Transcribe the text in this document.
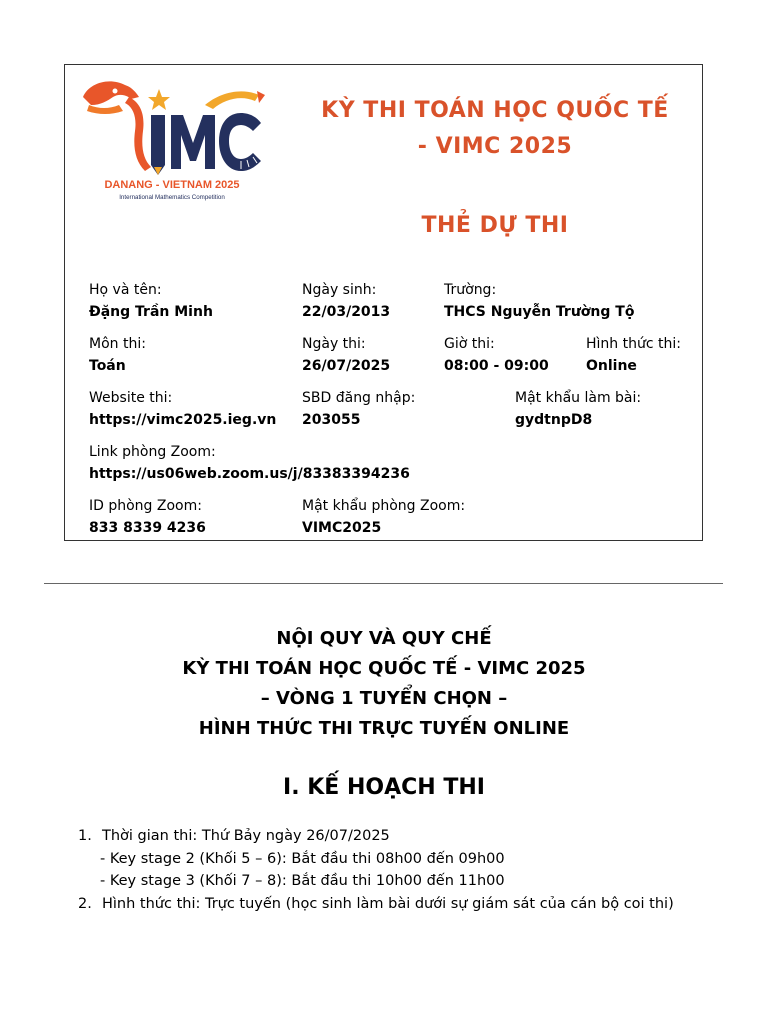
DANANG - VIETNAM 2025
International Mathematics Competition
KỲ THI TOÁN HỌC QUỐC TẾ
- VIMC 2025
THẺ DỰ THI
Họ và tên:
Đặng Trần Minh
Ngày sinh:
22/03/2013
Trường:
THCS Nguyễn Trường Tộ
Môn thi:
Toán
Ngày thi:
26/07/2025
Giờ thi:
08:00 - 09:00
Hình thức thi:
Online
Website thi:
https://vimc2025.ieg.vn
SBD đăng nhập:
203055
Mật khẩu làm bài:
gydtnpD8
Link phòng Zoom:
https://us06web.zoom.us/j/83383394236
ID phòng Zoom:
833 8339 4236
Mật khẩu phòng Zoom:
VIMC2025
NỘI QUY VÀ QUY CHẾ
KỲ THI TOÁN HỌC QUỐC TẾ - VIMC 2025
– VÒNG 1 TUYỂN CHỌN –
HÌNH THỨC THI TRỰC TUYẾN ONLINE
I. KẾ HOẠCH THI
1. Thời gian thi: Thứ Bảy ngày 26/07/2025
- Key stage 2 (Khối 5 – 6): Bắt đầu thi 08h00 đến 09h00
- Key stage 3 (Khối 7 – 8): Bắt đầu thi 10h00 đến 11h00
2. Hình thức thi: Trực tuyến (học sinh làm bài dưới sự giám sát của cán bộ coi thi)
